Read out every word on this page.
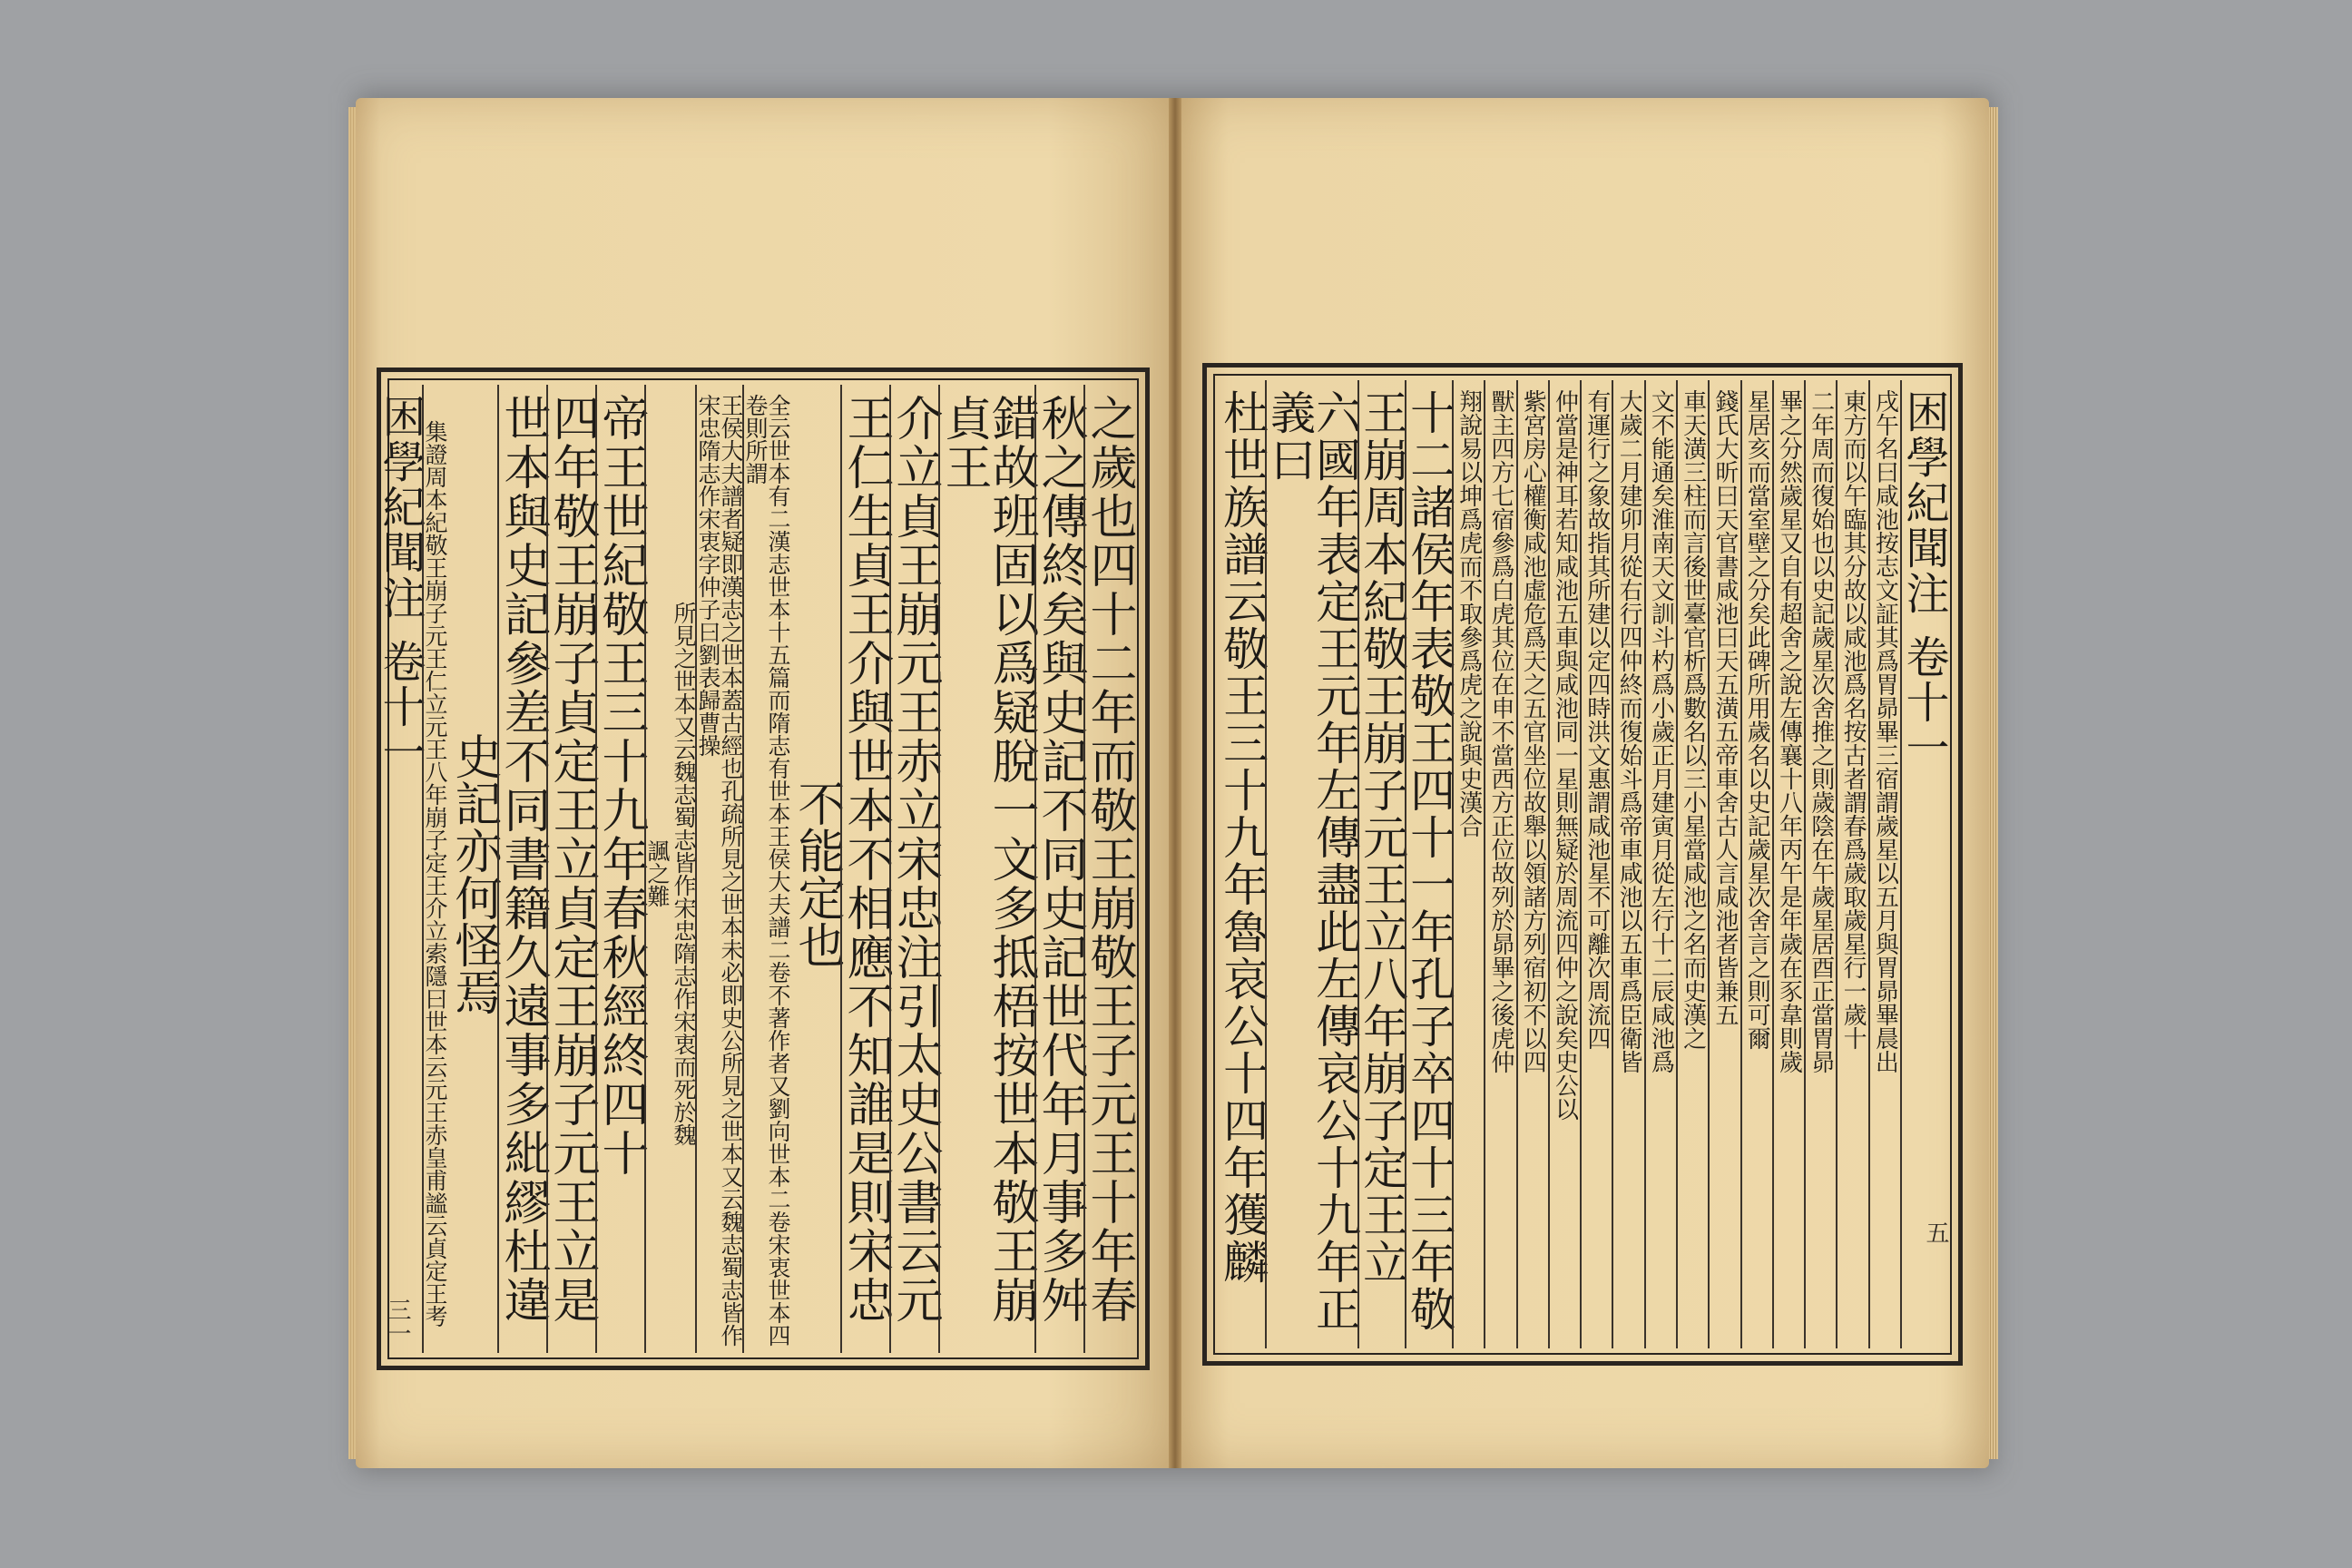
之歲也四十二年而敬王崩敬王子元王十年春
秋之傳終矣與史記不同史記世代年月事多舛
錯故班固以爲疑脫一文多抵梧按世本敬王崩貞王
介立貞王崩元王赤立宋忠注引太史公書云元
王仁生貞王介與世本不相應不知誰是則宋忠
不能定也
全云世本有二漢志世本十五篇而隋志有世本王侯大夫譜二卷不著作者又劉向世本二卷宋衷世本四卷則所謂
王侯大夫譜者疑即漢志之世本蓋古經也孔疏所見之世本未必即史公所見之世本又云魏志蜀志皆作宋忠隋志作宋衷字仲子曰劉表歸曹操
所見之世本又云魏志蜀志皆作宋忠隋志作宋衷而死於魏
諷之難
帝王世紀敬王三十九年春秋經終四十
四年敬王崩子貞定王立貞定王崩子元王立是
世本與史記參差不同書籍久遠事多紕繆杜違
史記亦何怪焉
集證周本紀敬王崩子元王仁立元王八年崩子定王介立索隱曰世本云元王赤皇甫謐云貞定王考
困學紀聞注
卷十一
三一
困學紀聞注
卷十一
戌午名曰咸池按志文証其爲胃昴畢三宿謂歲星以五月與胃昴畢晨出
東方而以午臨其分故以咸池爲名按古者謂春爲歲取歲星行一歲十
二年周而復始也以史記歲星次舍推之則歲陰在午歲星居酉正當胃昴
畢之分然歲星又自有超舍之說左傳襄十八年丙午是年歲在豕韋則歲
星居亥而當室壁之分矣此碑所用歲名以史記歲星次舍言之則可爾
錢氏大昕曰天官書咸池曰天五潢五帝車舍古人言咸池者皆兼五
車天潢三柱而言後世臺官析爲數名以三小星當咸池之名而史漢之
文不能通矣淮南天文訓斗杓爲小歲正月建寅月從左行十二辰咸池爲
大歲二月建卯月從右行四仲終而復始斗爲帝車咸池以五車爲臣衛皆
有運行之象故指其所建以定四時洪文惠謂咸池星不可離次周流四
仲當是神耳若知咸池五車與咸池同一星則無疑於周流四仲之說矣史公以
紫宮房心權衡咸池虛危爲天之五官坐位故舉以領諸方列宿初不以四
獸主四方七宿參爲白虎其位在申不當西方正位故列於昴畢之後虎仲
翔說易以坤爲虎而不取參爲虎之說與史漢合
十二諸侯年表敬王四十一年孔子卒四十三年敬
王崩周本紀敬王崩子元王立八年崩子定王立
六國年表定王元年左傳盡此左傳哀公十九年正義曰
杜世族譜云敬王三十九年魯哀公十四年獲麟	五
